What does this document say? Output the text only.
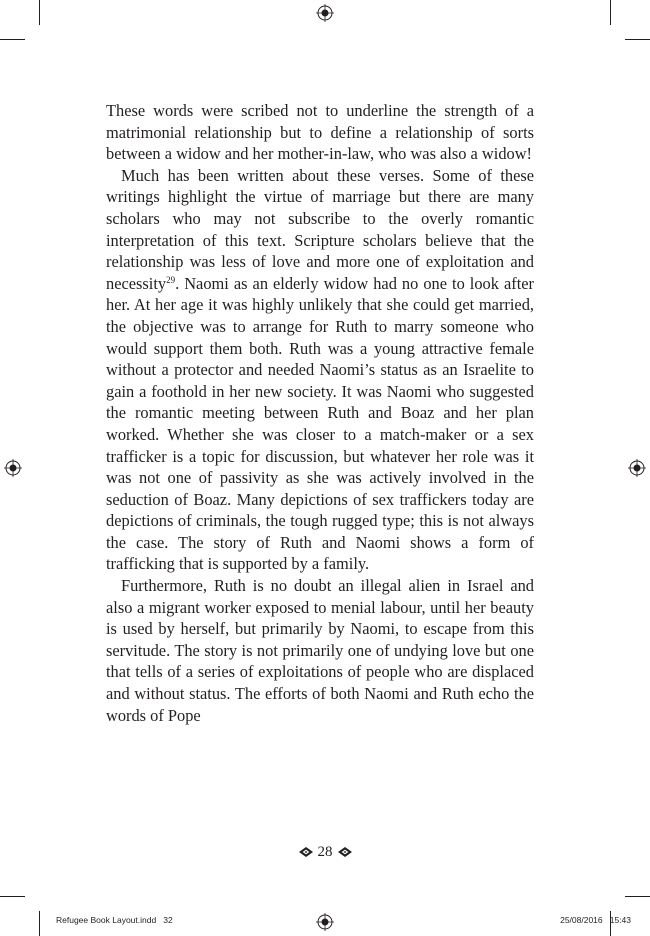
These words were scribed not to underline the strength of a matrimonial relationship but to define a relationship of sorts between a widow and her mother-in-law, who was also a widow!

Much has been written about these verses. Some of these writings highlight the virtue of marriage but there are many scholars who may not subscribe to the overly romantic interpretation of this text. Scripture scholars believe that the relationship was less of love and more one of exploitation and necessity$^{29}$. Naomi as an elderly widow had no one to look after her. At her age it was highly unlikely that she could get married, the objective was to arrange for Ruth to marry someone who would support them both. Ruth was a young attractive female without a protector and needed Naomi’s status as an Israelite to gain a foothold in her new society. It was Naomi who suggested the romantic meeting between Ruth and Boaz and her plan worked. Whether she was closer to a match-maker or a sex trafficker is a topic for discussion, but whatever her role was it was not one of passivity as she was actively involved in the seduction of Boaz. Many depictions of sex traffickers today are depictions of criminals, the tough rugged type; this is not always the case. The story of Ruth and Naomi shows a form of trafficking that is supported by a family.

Furthermore, Ruth is no doubt an illegal alien in Israel and also a migrant worker exposed to menial labour, until her beauty is used by herself, but primarily by Naomi, to escape from this servitude. The story is not primarily one of undying love but one that tells of a series of exploitations of people who are displaced and without status. The efforts of both Naomi and Ruth echo the words of Pope

28
Refugee Book Layout.indd   32	25/08/2016   15:43
